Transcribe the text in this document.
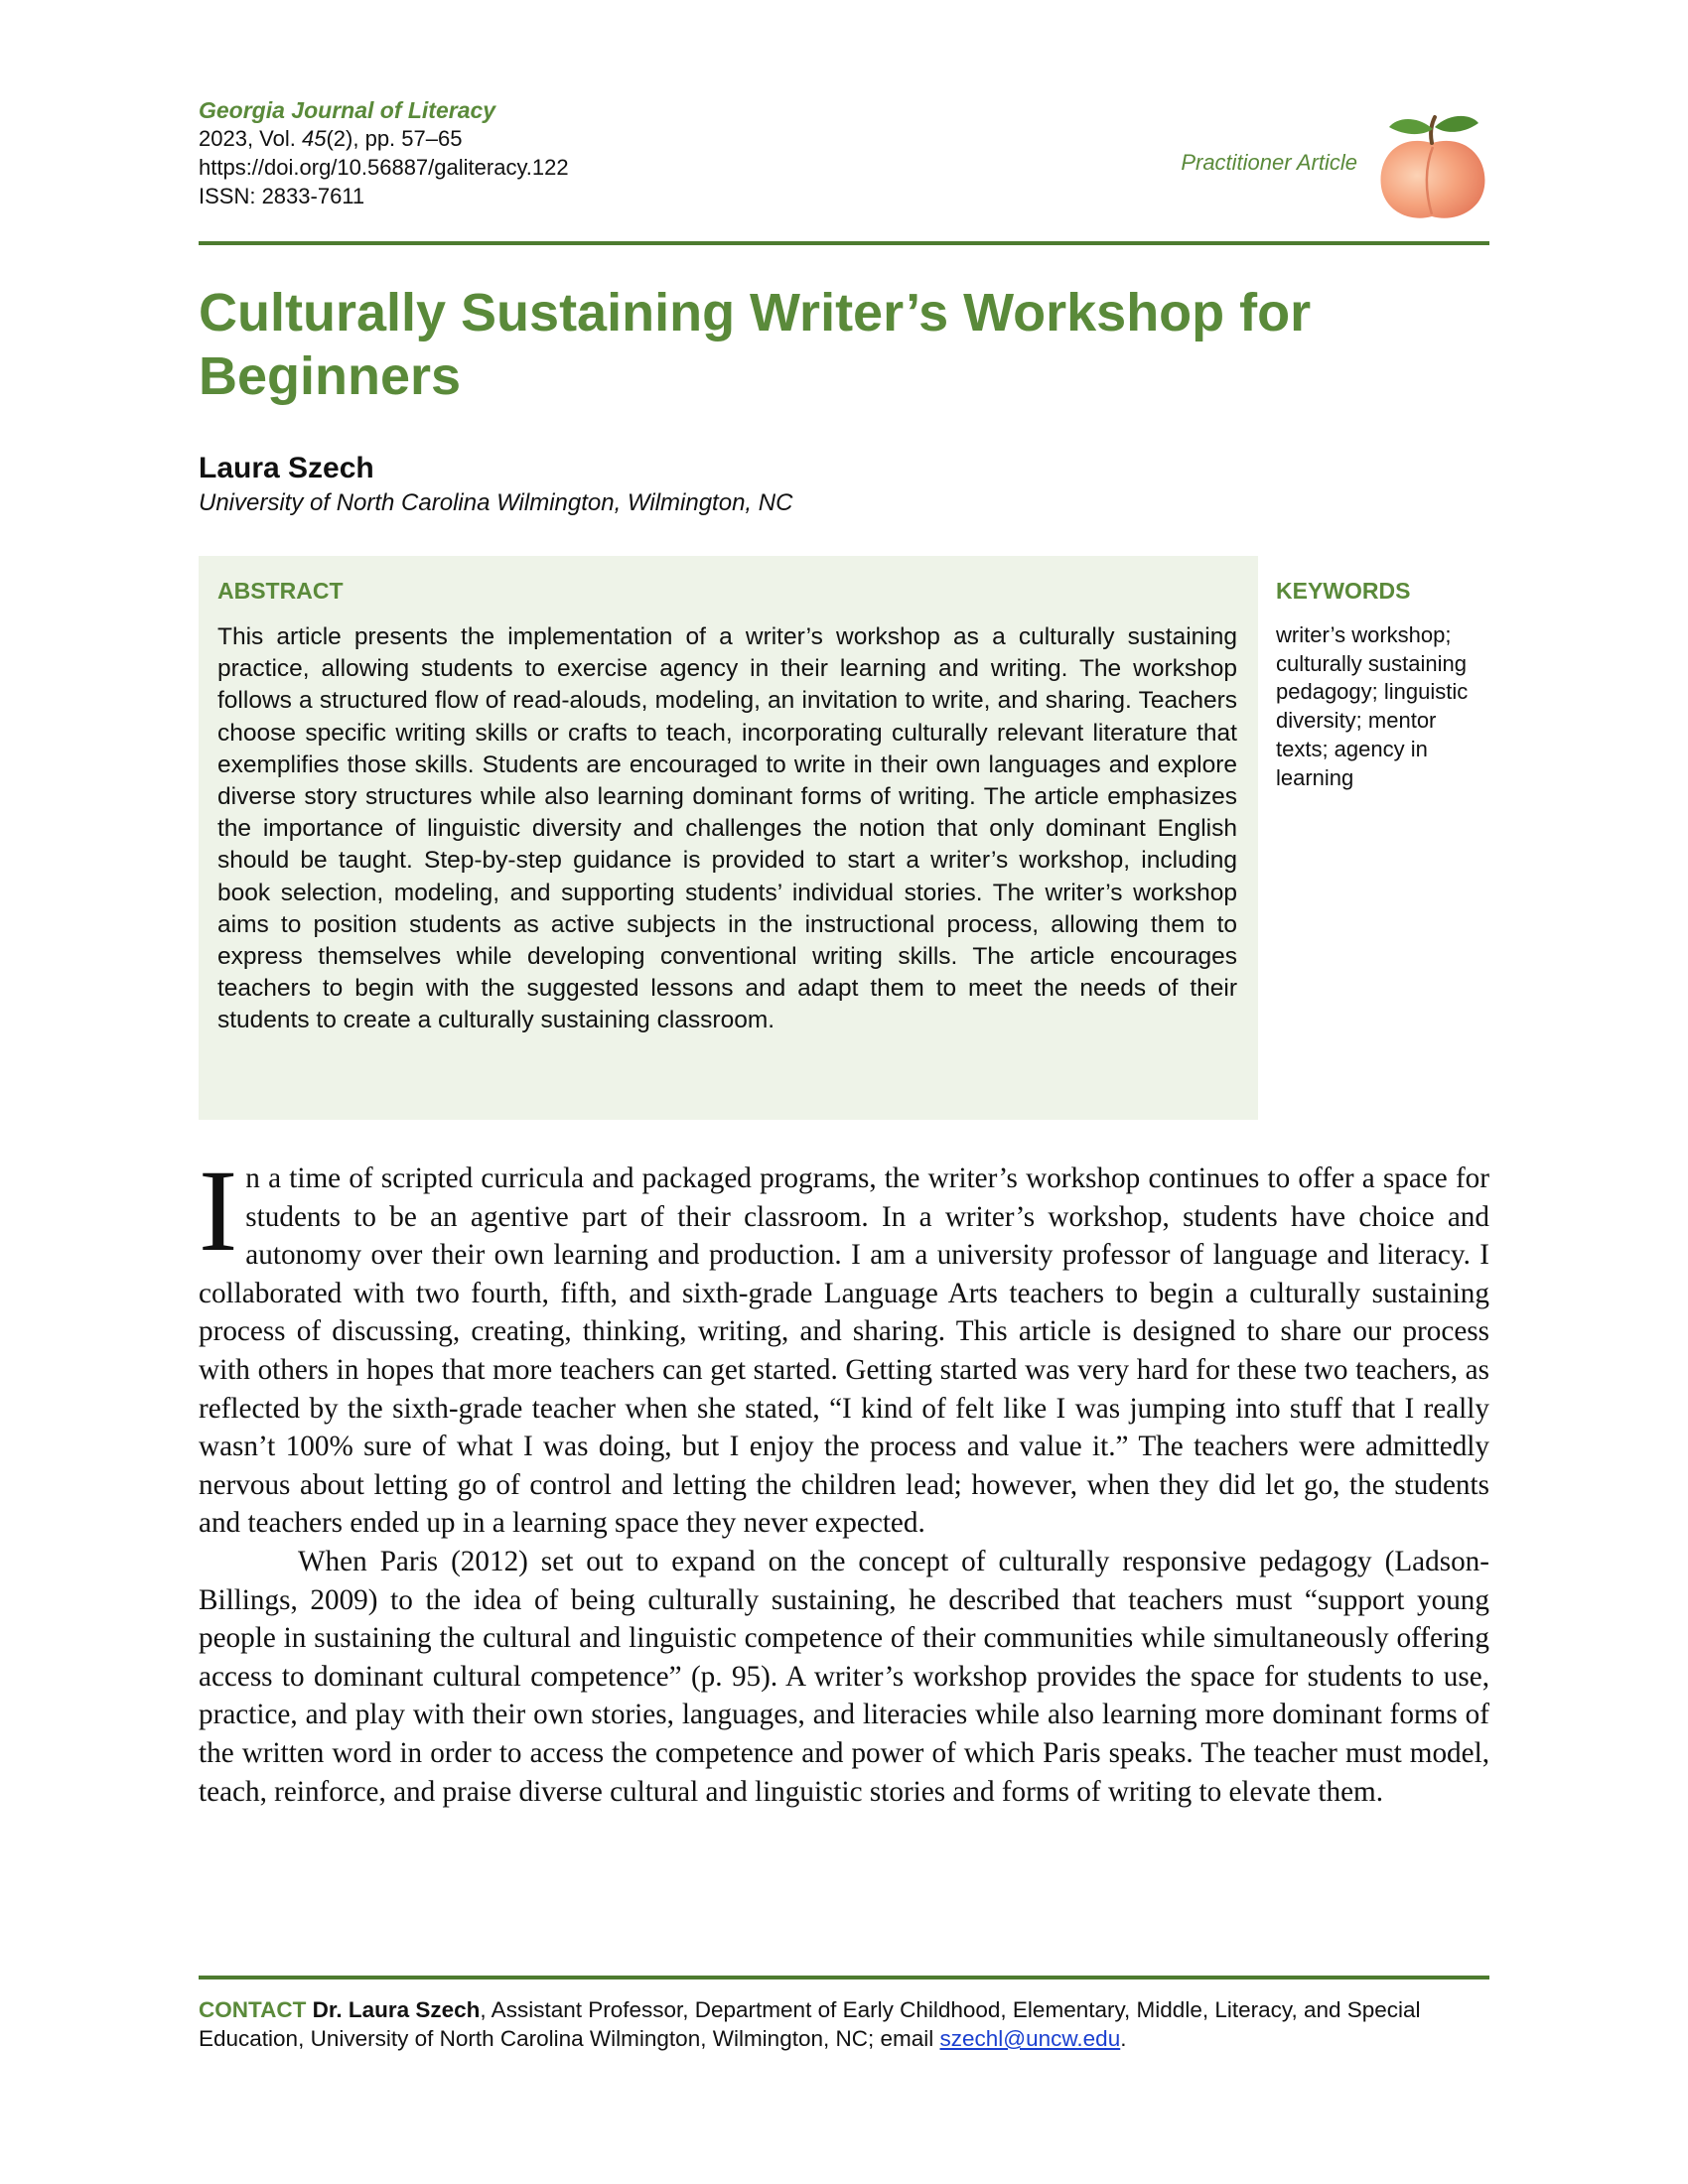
Georgia Journal of Literacy
2023, Vol. 45(2), pp. 57–65
https://doi.org/10.56887/galiteracy.122
ISSN: 2833-7611
Practitioner Article
Culturally Sustaining Writer’s Workshop for Beginners
Laura Szech
University of North Carolina Wilmington, Wilmington, NC
ABSTRACT

This article presents the implementation of a writer’s workshop as a culturally sustaining practice, allowing students to exercise agency in their learning and writing. The workshop follows a structured flow of read-alouds, modeling, an invitation to write, and sharing. Teachers choose specific writing skills or crafts to teach, incorporating culturally relevant literature that exemplifies those skills. Students are encouraged to write in their own languages and explore diverse story structures while also learning dominant forms of writing. The article emphasizes the importance of linguistic diversity and challenges the notion that only dominant English should be taught. Step-by-step guidance is provided to start a writer’s workshop, including book selection, modeling, and supporting students’ individual stories. The writer’s workshop aims to position students as active subjects in the instructional process, allowing them to express themselves while developing conventional writing skills. The article encourages teachers to begin with the suggested lessons and adapt them to meet the needs of their students to create a culturally sustaining classroom.

KEYWORDS

writer’s workshop; culturally sustaining pedagogy; linguistic diversity; mentor texts; agency in learning

In a time of scripted curricula and packaged programs, the writer’s workshop continues to offer a space for students to be an agentive part of their classroom. In a writer’s workshop, students have choice and autonomy over their own learning and production. I am a university professor of language and literacy. I collaborated with two fourth, fifth, and sixth-grade Language Arts teachers to begin a culturally sustaining process of discussing, creating, thinking, writing, and sharing. This article is designed to share our process with others in hopes that more teachers can get started. Getting started was very hard for these two teachers, as reflected by the sixth-grade teacher when she stated, “I kind of felt like I was jumping into stuff that I really wasn’t 100% sure of what I was doing, but I enjoy the process and value it.” The teachers were admittedly nervous about letting go of control and letting the children lead; however, when they did let go, the students and teachers ended up in a learning space they never expected.

When Paris (2012) set out to expand on the concept of culturally responsive pedagogy (Ladson-Billings, 2009) to the idea of being culturally sustaining, he described that teachers must “support young people in sustaining the cultural and linguistic competence of their communities while simultaneously offering access to dominant cultural competence” (p. 95). A writer’s workshop provides the space for students to use, practice, and play with their own stories, languages, and literacies while also learning more dominant forms of the written word in order to access the competence and power of which Paris speaks. The teacher must model, teach, reinforce, and praise diverse cultural and linguistic stories and forms of writing to elevate them.

CONTACT Dr. Laura Szech, Assistant Professor, Department of Early Childhood, Elementary, Middle, Literacy, and Special Education, University of North Carolina Wilmington, Wilmington, NC; email szechl@uncw.edu.
